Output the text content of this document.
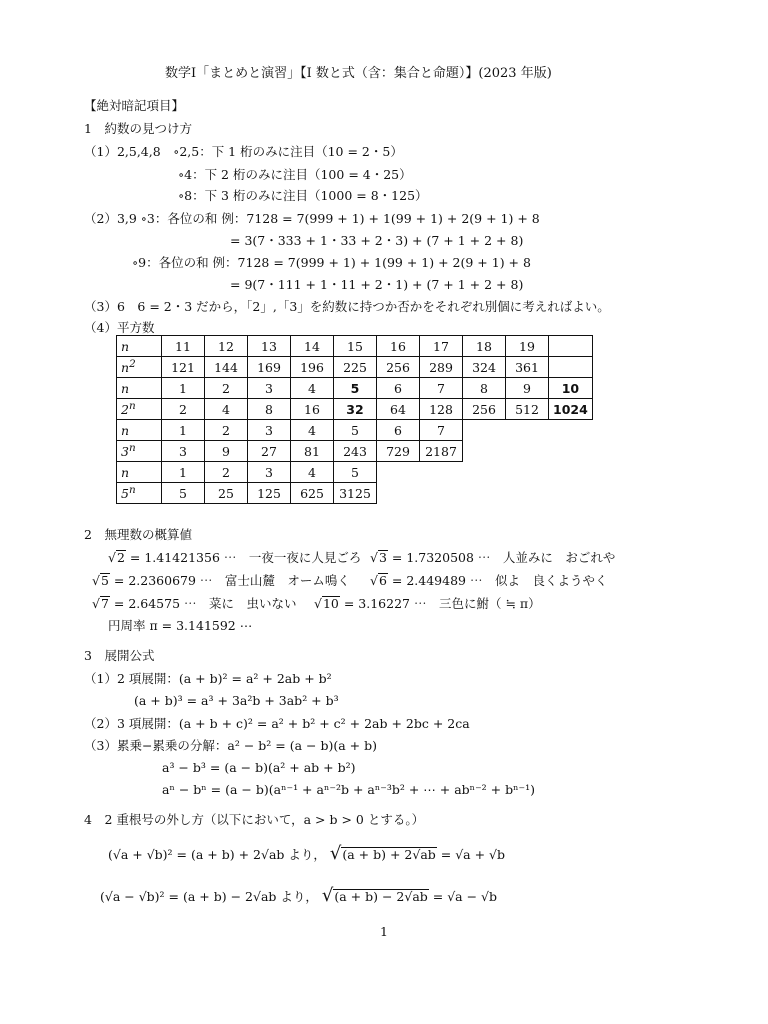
数学Ⅰ「まとめと演習」【Ⅰ 数と式（含：集合と命題）】(2023 年版)
【絶対暗記項目】
1　約数の見つけ方
（1）2,5,4,8　∘2,5：下 1 桁のみに注目（10 = 2・5）
∘4：下 2 桁のみに注目（100 = 4・25）
∘8：下 3 桁のみに注目（1000 = 8・125）
（2）3,9 ∘3：各位の和 例：7128 = 7(999 + 1) + 1(99 + 1) + 2(9 + 1) + 8
= 3(7・333 + 1・33 + 2・3) + (7 + 1 + 2 + 8)
∘9：各位の和 例：7128 = 7(999 + 1) + 1(99 + 1) + 2(9 + 1) + 8
= 9(7・111 + 1・11 + 2・1) + (7 + 1 + 2 + 8)
（3）6　6 = 2・3 だから，「2」,「3」を約数に持つか否かをそれぞれ別個に考えればよい。
（4）平方数
n	11	12	13	14	15	16	17	18	19	
$n^2$	121	144	169	196	225	256	289	324	361	
n	1	2	3	4	5	6	7	8	9	10
2$^n$	2	4	8	16	32	64	128	256	512	1024
n	1	2	3	4	5	6	7			
3$^n$	3	9	27	81	243	729	2187			
n	1	2	3	4	5					
5$^n$	5	25	125	625	3125					
2　無理数の概算値
√2 = 1.41421356 ⋯　一夜一夜に人見ごろ √3 = 1.7320508 ⋯　人並みに　おごれや
√5 = 2.2360679 ⋯　富士山麓　オーム鳴く √6 = 2.449489 ⋯　似よ　良くようやく
√7 = 2.64575 ⋯　菜に　虫いない √10 = 3.16227 ⋯　三色に鮒（ ≒ π）
円周率 π = 3.141592 ⋯
3　展開公式
（1）2 項展開：(a + b)² = a² + 2ab + b²
(a + b)³ = a³ + 3a²b + 3ab² + b³
（2）3 項展開：(a + b + c)² = a² + b² + c² + 2ab + 2bc + 2ca
（3）累乗−累乗の分解：a² − b² = (a − b)(a + b)
a³ − b³ = (a − b)(a² + ab + b²)
aⁿ − bⁿ = (a − b)(aⁿ⁻¹ + aⁿ⁻²b + aⁿ⁻³b² + ⋯ + abⁿ⁻² + bⁿ⁻¹)
4　2 重根号の外し方（以下において，a > b > 0 とする。）
(√a + √b)² = (a + b) + 2√ab より， √(a + b) + 2√ab = √a + √b
(√a − √b)² = (a + b) − 2√ab より， √(a + b) − 2√ab = √a − √b
1
